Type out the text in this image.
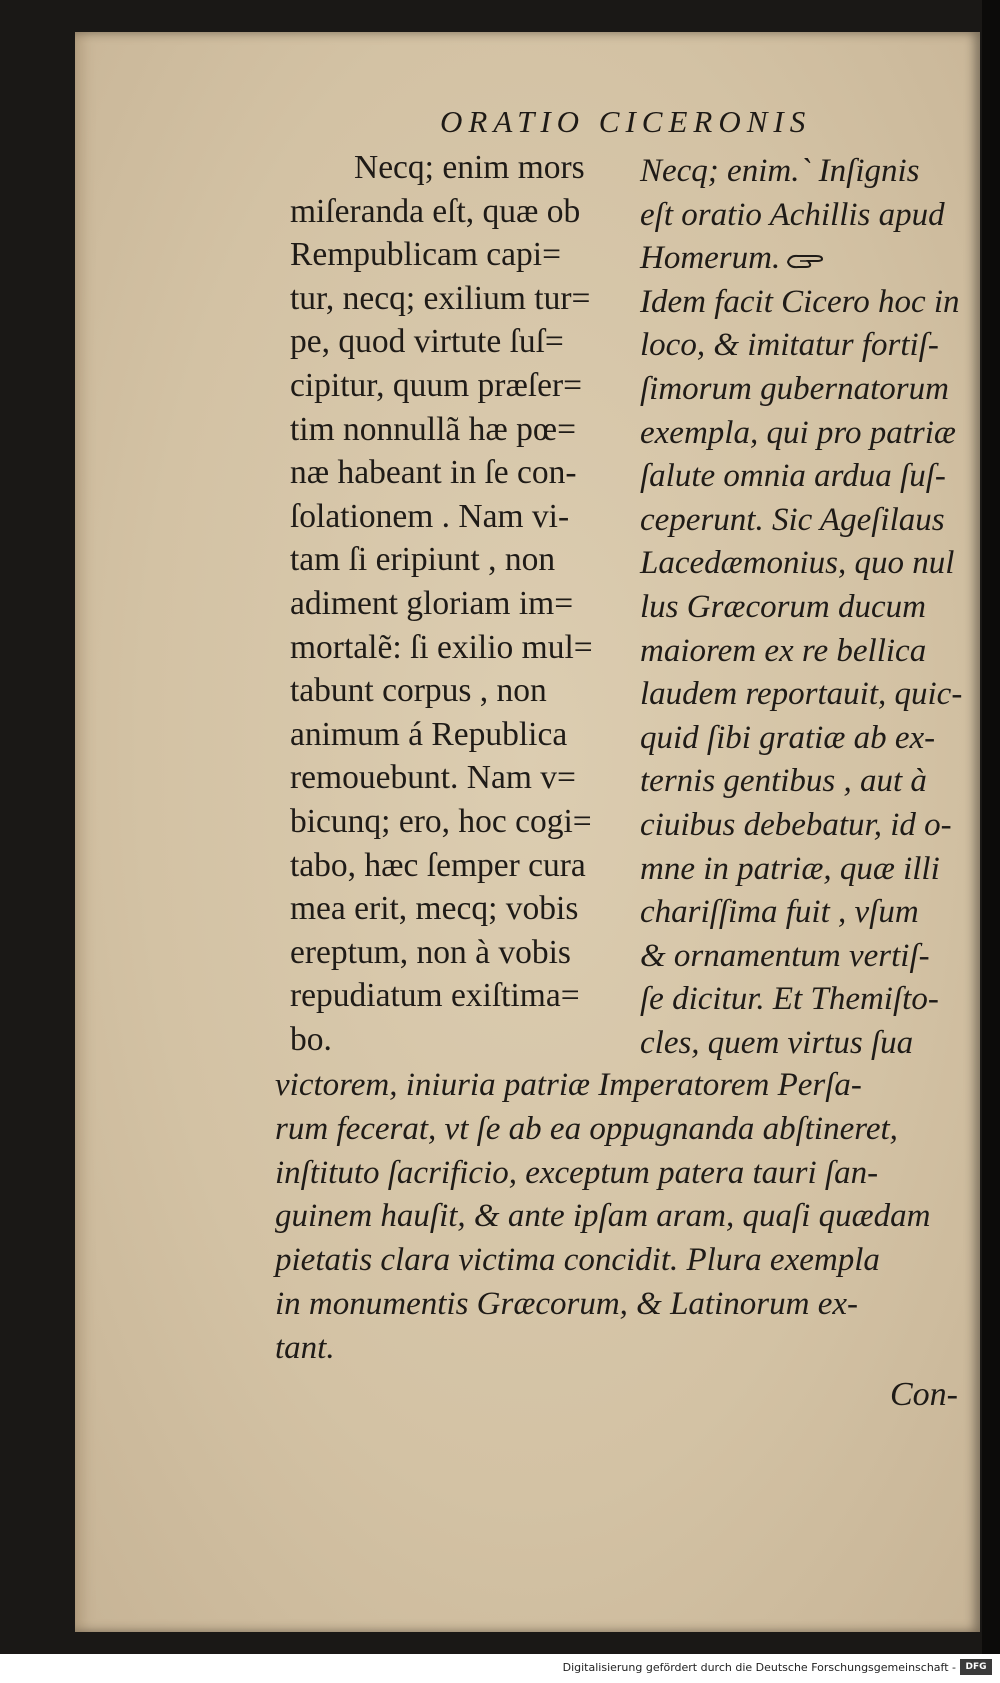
ORATIO CICERONIS
Necq; enim mors
miſeranda eſt, quæ ob
Rempublicam capi=
tur, necq; exilium tur=
pe, quod virtute ſuſ=
cipitur, quum præſer=
tim nonnullã hæ pœ=
næ habeant in ſe con-
ſolationem . Nam vi-
tam ſi eripiunt , non
adiment gloriam im=
mortalẽ: ſi exilio mul=
tabunt corpus , non
animum á Republica
remouebunt. Nam v=
bicunq; ero, hoc cogi=
tabo, hæc ſemper cura
mea erit, mecq; vobis
ereptum, non à vobis
repudiatum exiſtima=
bo.
Necq; enim.` Inſignis
eſt oratio Achillis apud
Homerum.
Idem facit Cicero hoc in
loco, & imitatur fortiſ-
ſimorum gubernatorum
exempla, qui pro patriæ
ſalute omnia ardua ſuſ-
ceperunt. Sic Ageſilaus
Lacedæmonius, quo nul
lus Græcorum ducum
maiorem ex re bellica
laudem reportauit, quic-
quid ſibi gratiæ ab ex-
ternis gentibus , aut à
ciuibus debebatur, id o-
mne in patriæ, quæ illi
chariſſima fuit , vſum
& ornamentum vertiſ-
ſe dicitur. Et Themiſto-
cles, quem virtus ſua
victorem, iniuria patriæ Imperatorem Perſa-
rum fecerat, vt ſe ab ea oppugnanda abſtineret,
inſtituto ſacrificio, exceptum patera tauri ſan-
guinem hauſit, & ante ipſam aram, quaſi quædam
pietatis clara victima concidit. Plura exempla
in monumentis Græcorum, & Latinorum ex-
tant.
Con-
Digitalisierung gefördert durch die Deutsche Forschungsgemeinschaft -	DFG
